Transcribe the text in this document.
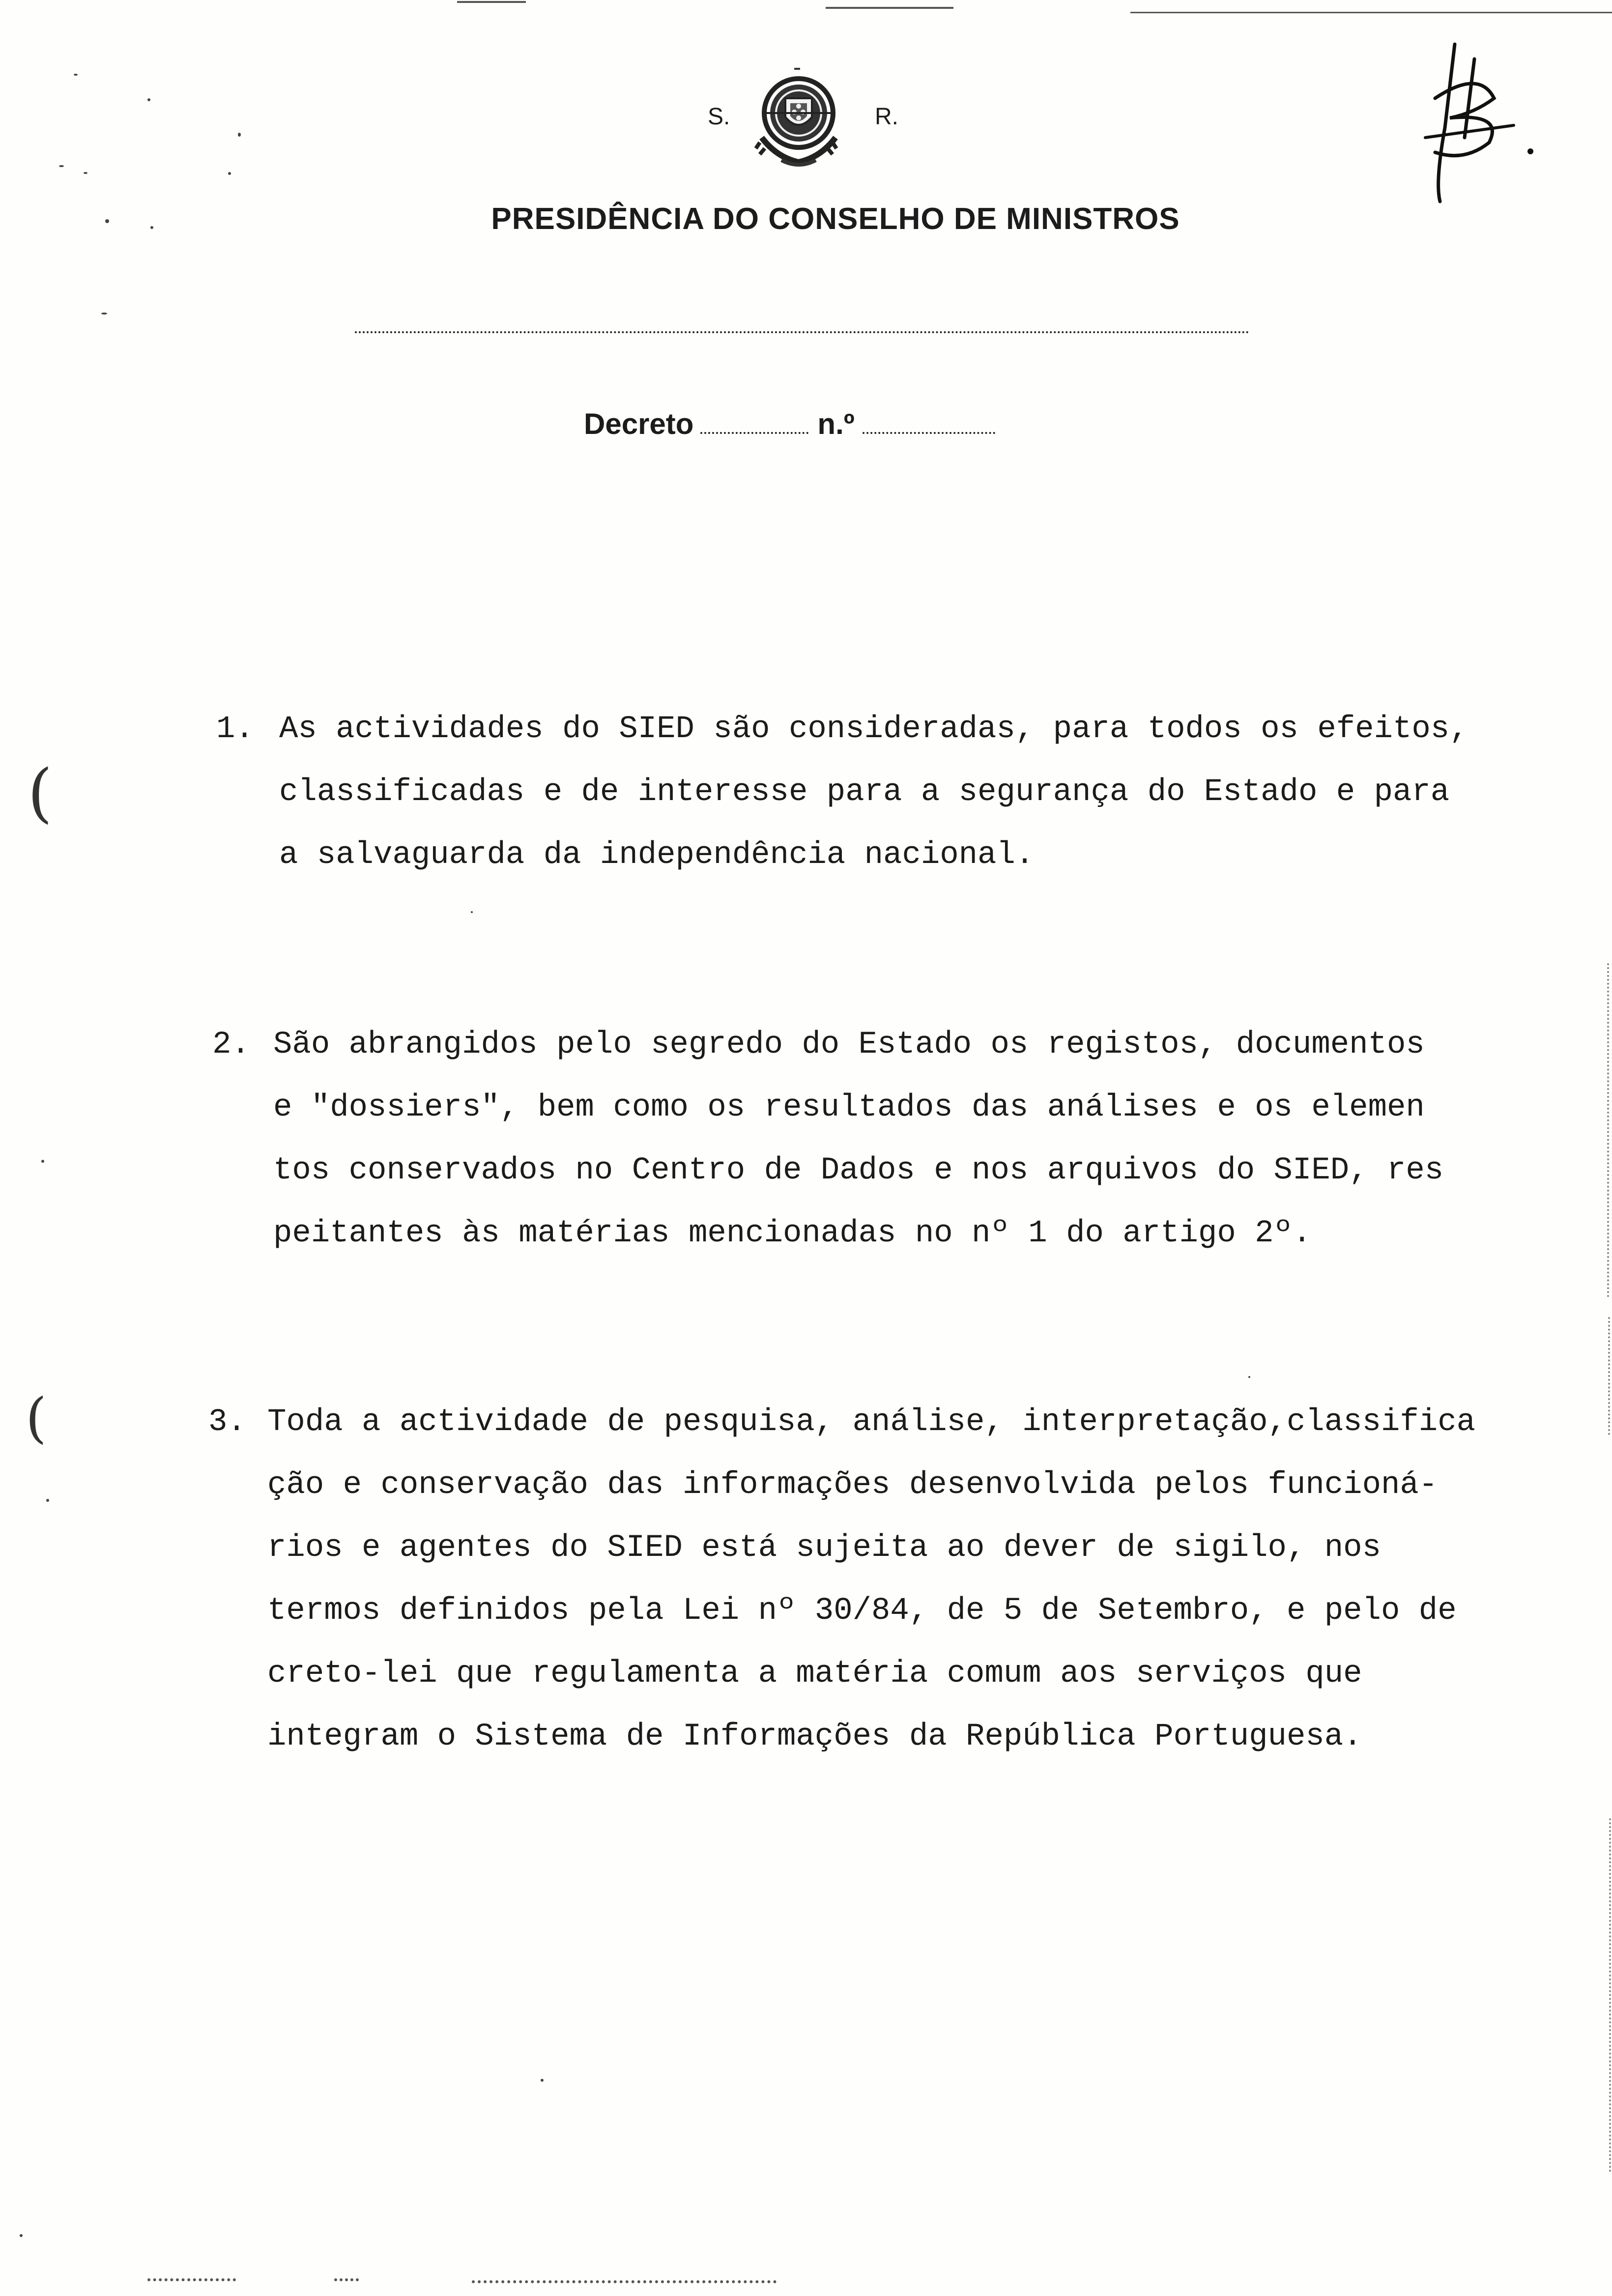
(
(
S.	R.
PRESIDÊNCIA DO CONSELHO DE MINISTROS
Decreto	n.º
1. As actividades do SIED são consideradas, para todos os efeitos,
classificadas e de interesse para a segurança do Estado e para
a salvaguarda da independência nacional.
2. São abrangidos pelo segredo do Estado os registos, documentos
e "dossiers", bem como os resultados das análises e os elemen
tos conservados no Centro de Dados e nos arquivos do SIED, res
peitantes às matérias mencionadas no nº 1 do artigo 2º.
3. Toda a actividade de pesquisa, análise, interpretação,classifica
ção e conservação das informações desenvolvida pelos funcioná-
rios e agentes do SIED está sujeita ao dever de sigilo, nos
termos definidos pela Lei nº 30/84, de 5 de Setembro, e pelo de
creto-lei que regulamenta a matéria comum aos serviços que
integram o Sistema de Informações da República Portuguesa.
